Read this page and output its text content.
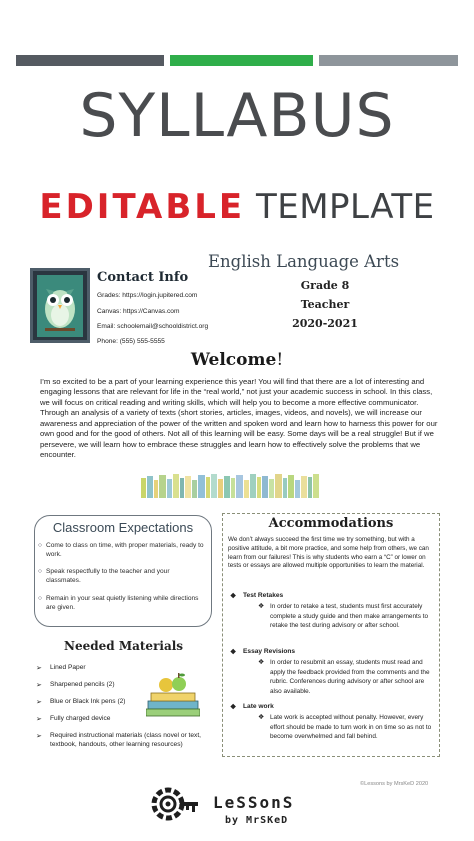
SYLLABUS
EDITABLE TEMPLATE
Contact Info
Grades: https://login.jupitered.com
Canvas: https://Canvas.com
Email: schoolemail@schooldistrict.org
Phone: (555) 555-5555
English Language Arts
Grade 8
Teacher
2020-2021
Welcome!
I’m so excited to be a part of your learning experience this year! You will find that there are a lot of interesting and engaging lessons that are relevant for life in the “real world,” not just your academic success in school. In this class, we will focus on critical reading and writing skills, which will help you to become a more effective communicator. Through an analysis of a variety of texts (short stories, articles, images, videos, and novels), we will increase our awareness and appreciation of the power of the written and spoken word and learn how to harness this power for our own good and for the good of others. Not all of this learning will be easy. Some days will be a real struggle! But if we persevere, we will learn how to embrace these struggles and learn how to effectively solve the problems that we encounter.
Classroom Expectations
○ Come to class on time, with proper materials, ready to work.
○ Speak respectfully to the teacher and your classmates.
○ Remain in your seat quietly listening while directions are given.
Needed Materials
➢ Lined Paper
➢ Sharpened pencils (2)
➢ Blue or Black Ink pens (2)
➢ Fully charged device
➢ Required instructional materials (class novel or text, textbook, handouts, other learning resources)
Accommodations
We don’t always succeed the first time we try something, but with a positive attitude, a bit more practice, and some help from others, we can learn from our failures! This is why students who earn a “C” or lower on tests or essays are allowed multiple opportunities to learn the material.
❖ Test Retakes
❖ In order to retake a test, students must first accurately complete a study guide and then make arrangements to retake the test during advisory or after school.
❖ Essay Revisions
❖ In order to resubmit an essay, students must read and apply the feedback provided from the comments and the rubric. Conferences during advisory or after school are also available.
❖ Late work
❖ Late work is accepted without penalty. However, every effort should be made to turn work in on time so as not to become overwhelmed and fall behind.
©Lessons by MrsKeD 2020
LeSSonS
by MrSKeD
